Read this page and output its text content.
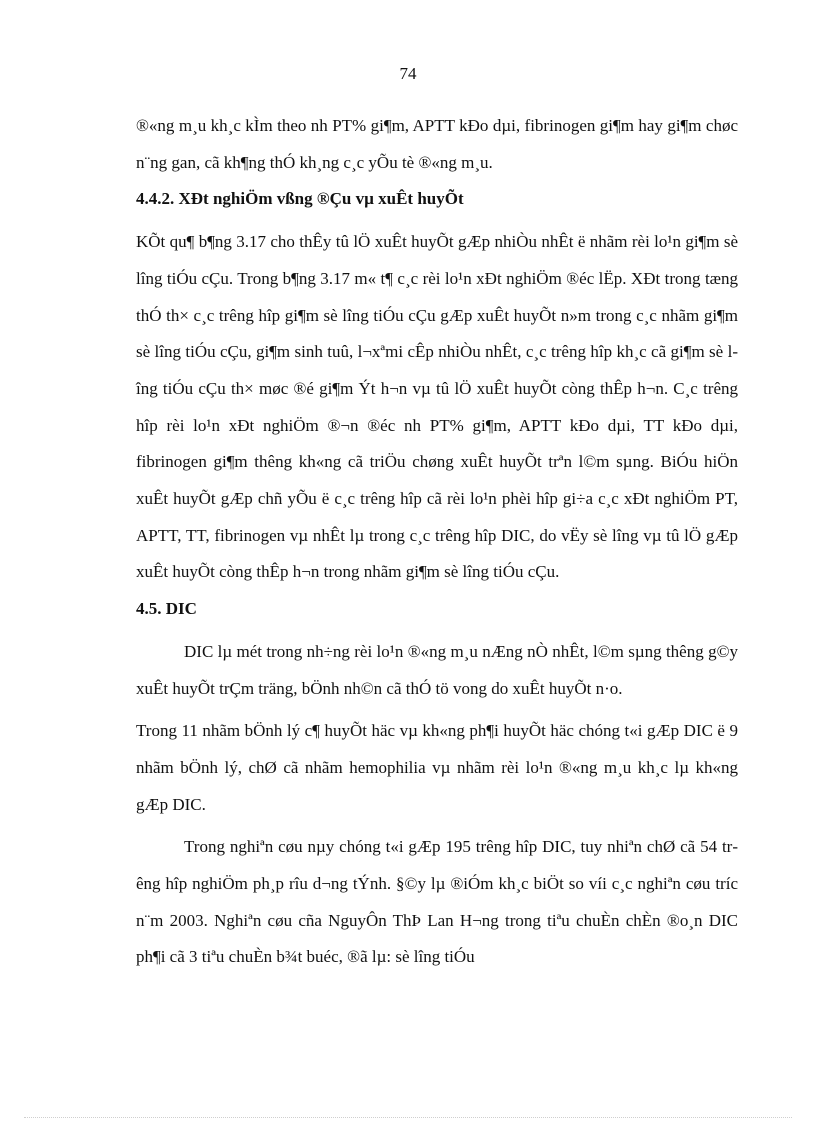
74

®«ng m¸u kh¸c kÌm theo nh PT% gi¶m, APTT kÐo dµi, fibrinogen gi¶m hay gi¶m chøc n¨ng gan, cã kh¶ng thÓ kh¸ng c¸c yÕu tè ®«ng m¸u.

4.4.2. XÐt nghiÖm vßng ®Çu vµ xuÊt huyÕt

KÕt qu¶ b¶ng 3.17 cho thÊy tû lÖ xuÊt huyÕt gÆp nhiÒu nhÊt ë nhãm rèi lo¹n gi¶m sè lîng tiÓu cÇu. Trong b¶ng 3.17 m« t¶ c¸c rèi lo¹n xÐt nghiÖm ®éc lËp. XÐt trong tæng thÓ th× c¸c trêng hîp gi¶m sè lîng tiÓu cÇu gÆp xuÊt huyÕt n»m trong c¸c nhãm gi¶m sè lîng tiÓu cÇu, gi¶m sinh tuû, l¬xªmi cÊp nhiÒu nhÊt, c¸c trêng hîp kh¸c cã gi¶m sè lîng tiÓu cÇu th× møc ®é gi¶m Ýt h¬n vµ tû lÖ xuÊt huyÕt còng thÊp h¬n. C¸c trêng hîp rèi lo¹n xÐt nghiÖm ®¬n ®éc nh PT% gi¶m, APTT kÐo dµi, TT kÐo dµi, fibrinogen gi¶m thêng kh«ng cã triÖu chøng xuÊt huyÕt trªn l©m sµng. BiÓu hiÖn xuÊt huyÕt gÆp chñ yÕu ë c¸c trêng hîp cã rèi lo¹n phèi hîp gi÷a c¸c xÐt nghiÖm PT, APTT, TT, fibrinogen vµ nhÊt lµ trong c¸c trêng hîp DIC, do vËy sè lîng vµ tû lÖ gÆp xuÊt huyÕt còng thÊp h¬n trong nhãm gi¶m sè lîng tiÓu cÇu.

4.5. DIC

DIC lµ mét trong nh÷ng rèi lo¹n ®«ng m¸u nÆng nÒ nhÊt, l©m sµng thêng g©y xuÊt huyÕt trÇm träng, bÖnh nh©n cã thÓ tö vong do xuÊt huyÕt n·o.

Trong 11 nhãm bÖnh lý c¶ huyÕt häc vµ kh«ng ph¶i huyÕt häc chóng t«i gÆp DIC ë 9 nhãm bÖnh lý, chØ cã nhãm hemophilia vµ nhãm rèi lo¹n ®«ng m¸u kh¸c lµ kh«ng gÆp DIC.

Trong nghiªn cøu nµy chóng t«i gÆp 195 trêng hîp DIC, tuy nhiªn chØ cã 54 trêng hîp nghiÖm ph¸p rîu d¬ng tÝnh. §©y lµ ®iÓm kh¸c biÖt so víi c¸c nghiªn cøu tríc n¨m 2003. Nghiªn cøu cña NguyÔn ThÞ Lan H¬ng trong tiªu chuÈn chÈn ®o¸n DIC ph¶i cã 3 tiªu chuÈn b¾t buéc, ®ã lµ: sè lîng tiÓu
